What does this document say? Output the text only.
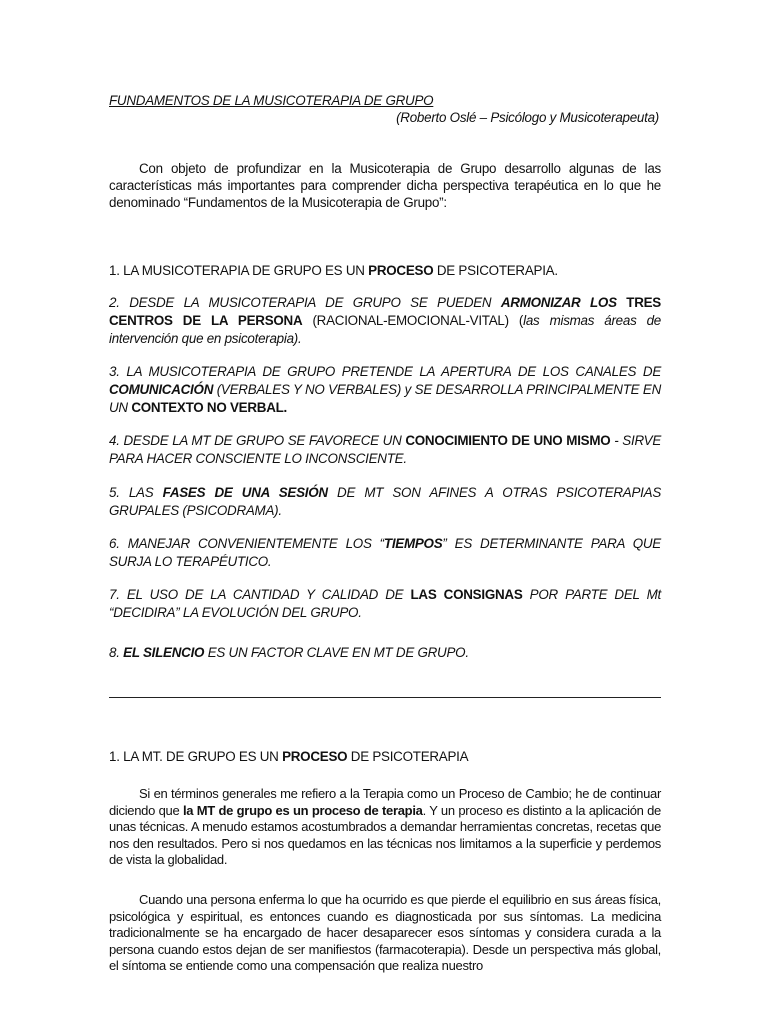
FUNDAMENTOS DE LA MUSICOTERAPIA DE GRUPO
(Roberto Oslé – Psicólogo y Musicoterapeuta)
Con objeto de profundizar en la Musicoterapia de Grupo desarrollo algunas de las características más importantes para comprender dicha perspectiva terapéutica en lo que he denominado “Fundamentos de la Musicoterapia de Grupo”:
1. LA MUSICOTERAPIA DE GRUPO ES UN PROCESO DE PSICOTERAPIA.
2. DESDE LA MUSICOTERAPIA DE GRUPO SE PUEDEN ARMONIZAR LOS TRES CENTROS DE LA PERSONA (RACIONAL-EMOCIONAL-VITAL) (las mismas áreas de intervención que en psicoterapia).
3. LA MUSICOTERAPIA DE GRUPO PRETENDE LA APERTURA DE LOS CANALES DE COMUNICACIÓN (VERBALES Y NO VERBALES) y SE DESARROLLA PRINCIPALMENTE EN UN CONTEXTO NO VERBAL.
4. DESDE LA MT DE GRUPO SE FAVORECE UN CONOCIMIENTO DE UNO MISMO - SIRVE PARA HACER CONSCIENTE LO INCONSCIENTE.
5. LAS FASES DE UNA SESIÓN DE MT SON AFINES A OTRAS PSICOTERAPIAS GRUPALES (PSICODRAMA).
6. MANEJAR CONVENIENTEMENTE LOS “TIEMPOS” ES DETERMINANTE PARA QUE SURJA LO TERAPÉUTICO.
7. EL USO DE LA CANTIDAD Y CALIDAD DE LAS CONSIGNAS POR PARTE DEL Mt “DECIDIRA” LA EVOLUCIÓN DEL GRUPO.
8. EL SILENCIO ES UN FACTOR CLAVE EN MT DE GRUPO.
1. LA MT. DE GRUPO ES UN PROCESO DE PSICOTERAPIA
Si en términos generales me refiero a la Terapia como un Proceso de Cambio; he de continuar diciendo que la MT de grupo es un proceso de terapia. Y un proceso es distinto a la aplicación de unas técnicas. A menudo estamos acostumbrados a demandar herramientas concretas, recetas que nos den resultados. Pero si nos quedamos en las técnicas nos limitamos a la superficie y perdemos de vista la globalidad.
Cuando una persona enferma lo que ha ocurrido es que pierde el equilibrio en sus áreas física, psicológica y espiritual, es entonces cuando es diagnosticada por sus síntomas. La medicina tradicionalmente se ha encargado de hacer desaparecer esos síntomas y considera curada a la persona cuando estos dejan de ser manifiestos (farmacoterapia). Desde un perspectiva más global, el síntoma se entiende como una compensación que realiza nuestro
